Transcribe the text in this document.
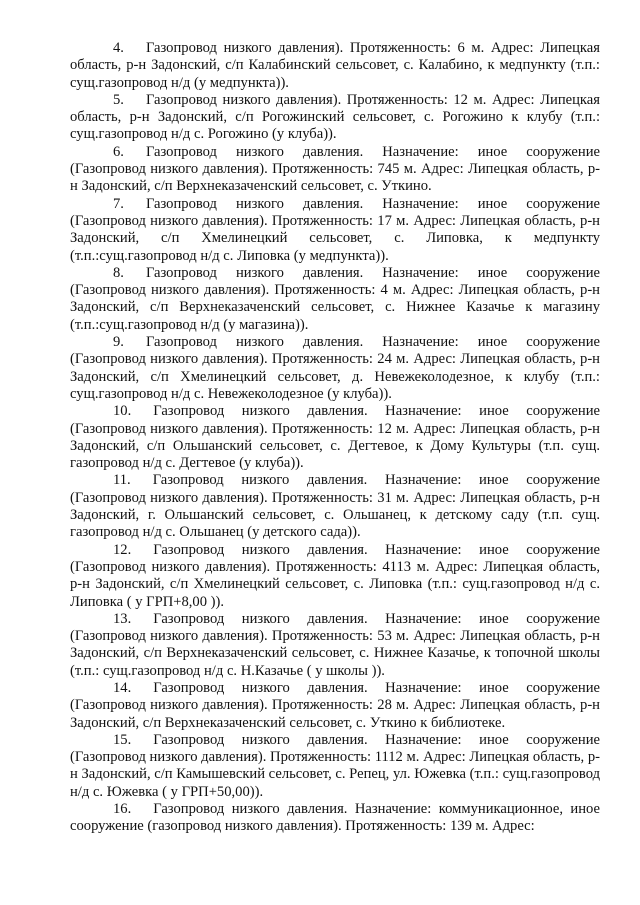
4. Газопровод низкого давления). Протяженность: 6 м. Адрес: Липецкая область, р-н Задонский, с/п Калабинский сельсовет, с. Калабино, к медпункту (т.п.: сущ.газопровод н/д (у медпункта)).

5. Газопровод низкого давления). Протяженность: 12 м. Адрес: Липецкая область, р-н Задонский, с/п Рогожинский сельсовет, с. Рогожино к клубу (т.п.: сущ.газопровод н/д с. Рогожино (у клуба)).

6. Газопровод низкого давления. Назначение: иное сооружение (Газопровод низкого давления). Протяженность: 745 м. Адрес: Липецкая область, р-н Задонский, с/п Верхнеказаченский сельсовет, с. Уткино.

7. Газопровод низкого давления. Назначение: иное сооружение (Газопровод низкого давления). Протяженность: 17 м. Адрес: Липецкая область, р-н Задонский, с/п Хмелинецкий сельсовет, с. Липовка, к медпункту (т.п.:сущ.газопровод н/д с. Липовка (у медпункта)).

8. Газопровод низкого давления. Назначение: иное сооружение (Газопровод низкого давления). Протяженность: 4 м. Адрес: Липецкая область, р-н Задонский, с/п Верхнеказаченский сельсовет, с. Нижнее Казачье к магазину (т.п.:сущ.газопровод н/д (у магазина)).

9. Газопровод низкого давления. Назначение: иное сооружение (Газопровод низкого давления). Протяженность: 24 м. Адрес: Липецкая область, р-н Задонский, с/п Хмелинецкий сельсовет, д. Невежеколодезное, к клубу (т.п.: сущ.газопровод н/д с. Невежеколодезное (у клуба)).

10. Газопровод низкого давления. Назначение: иное сооружение (Газопровод низкого давления). Протяженность: 12 м. Адрес: Липецкая область, р-н Задонский, с/п Ольшанский сельсовет, с. Дегтевое, к Дому Культуры (т.п. сущ. газопровод н/д с. Дегтевое (у клуба)).

11. Газопровод низкого давления. Назначение: иное сооружение (Газопровод низкого давления). Протяженность: 31 м. Адрес: Липецкая область, р-н Задонский, г. Ольшанский сельсовет, с. Ольшанец, к детскому саду (т.п. сущ. газопровод н/д с. Ольшанец (у детского сада)).

12. Газопровод низкого давления. Назначение: иное сооружение (Газопровод низкого давления). Протяженность: 4113 м. Адрес: Липецкая область, р-н Задонский, с/п Хмелинецкий сельсовет, с. Липовка (т.п.: сущ.газопровод н/д с. Липовка ( у ГРП+8,00 )).

13. Газопровод низкого давления. Назначение: иное сооружение (Газопровод низкого давления). Протяженность: 53 м. Адрес: Липецкая область, р-н Задонский, с/п Верхнеказаченский сельсовет, с. Нижнее Казачье, к топочной школы (т.п.: сущ.газопровод н/д с. Н.Казачье ( у школы )).

14. Газопровод низкого давления. Назначение: иное сооружение (Газопровод низкого давления). Протяженность: 28 м. Адрес: Липецкая область, р-н Задонский, с/п Верхнеказаченский сельсовет, с. Уткино к библиотеке.

15. Газопровод низкого давления. Назначение: иное сооружение (Газопровод низкого давления). Протяженность: 1112 м. Адрес: Липецкая область, р-н Задонский, с/п Камышевский сельсовет, с. Репец, ул. Южевка (т.п.: сущ.газопровод н/д с. Южевка ( у ГРП+50,00)).

16. Газопровод низкого давления. Назначение: коммуникационное, иное сооружение (газопровод низкого давления). Протяженность: 139 м. Адрес:
